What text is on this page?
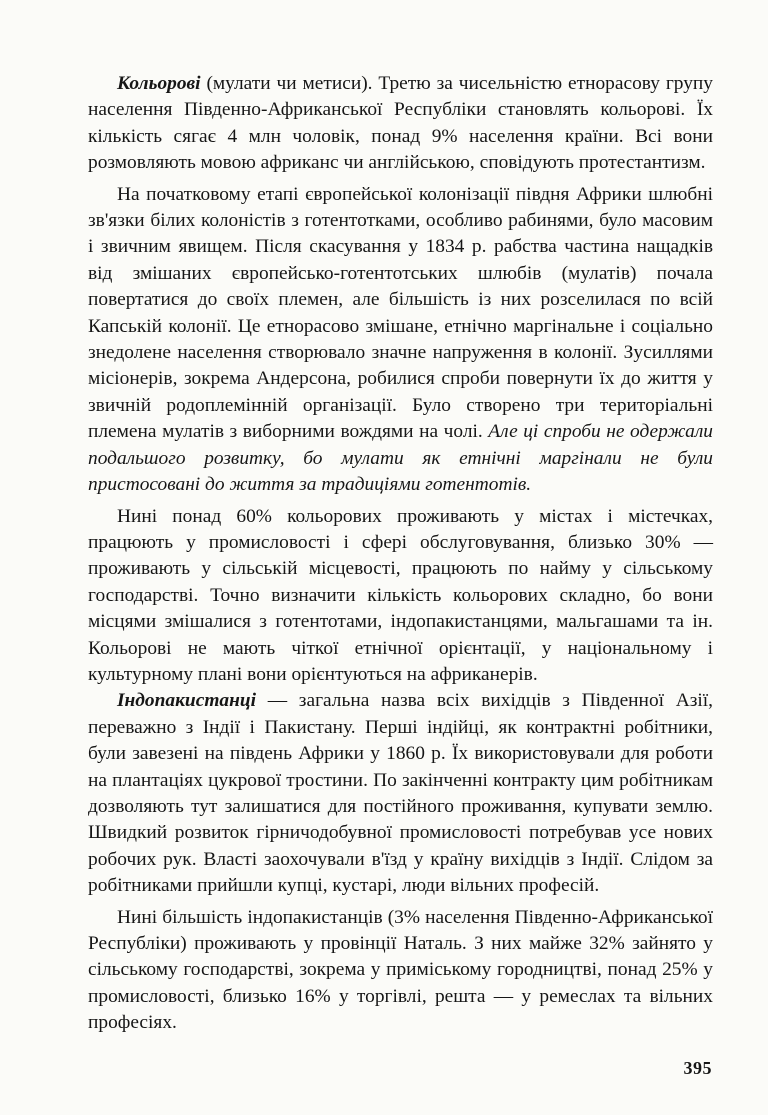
Кольорові (мулати чи метиси). Третю за чисельністю етнорасову групу населення Південно-Африканської Республіки становлять кольорові. Їх кількість сягає 4 млн чоловік, понад 9% населення країни. Всі вони розмовляють мовою африканс чи англійською, сповідують протестантизм.

На початковому етапі європейської колонізації півдня Африки шлюбні зв'язки білих колоністів з готентотками, особливо рабинями, було масовим і звичним явищем. Після скасування у 1834 р. рабства частина нащадків від змішаних європейсько-готентотських шлюбів (мулатів) почала повертатися до своїх племен, але більшість із них розселилася по всій Капській колонії. Це етнорасово змішане, етнічно маргінальне і соціально знедолене населення створювало значне напруження в колонії. Зусиллями місіонерів, зокрема Андерсона, робилися спроби повернути їх до життя у звичній родоплемінній організації. Було створено три територіальні племена мулатів з виборними вождями на чолі. Але ці спроби не одержали подальшого розвитку, бо мулати як етнічні маргінали не були пристосовані до життя за традиціями готентотів.

Нині понад 60% кольорових проживають у містах і містечках, працюють у промисловості і сфері обслуговування, близько 30% — проживають у сільській місцевості, працюють по найму у сільському господарстві. Точно визначити кількість кольорових складно, бо вони місцями змішалися з готентотами, індопакистанцями, мальгашами та ін. Кольорові не мають чіткої етнічної орієнтації, у національному і культурному плані вони орієнтуються на африканерів.

Індопакистанці — загальна назва всіх вихідців з Південної Азії, переважно з Індії і Пакистану. Перші індійці, як контрактні робітники, були завезені на південь Африки у 1860 р. Їх використовували для роботи на плантаціях цукрової тростини. По закінченні контракту цим робітникам дозволяють тут залишатися для постійного проживання, купувати землю. Швидкий розвиток гірничодобувної промисловості потребував усе нових робочих рук. Власті заохочували в'їзд у країну вихідців з Індії. Слідом за робітниками прийшли купці, кустарі, люди вільних професій.

Нині більшість індопакистанців (3% населення Південно-Африканської Республіки) проживають у провінції Наталь. З них майже 32% зайнято у сільському господарстві, зокрема у приміському городництві, понад 25% у промисловості, близько 16% у торгівлі, решта — у ремеслах та вільних професіях.

395
